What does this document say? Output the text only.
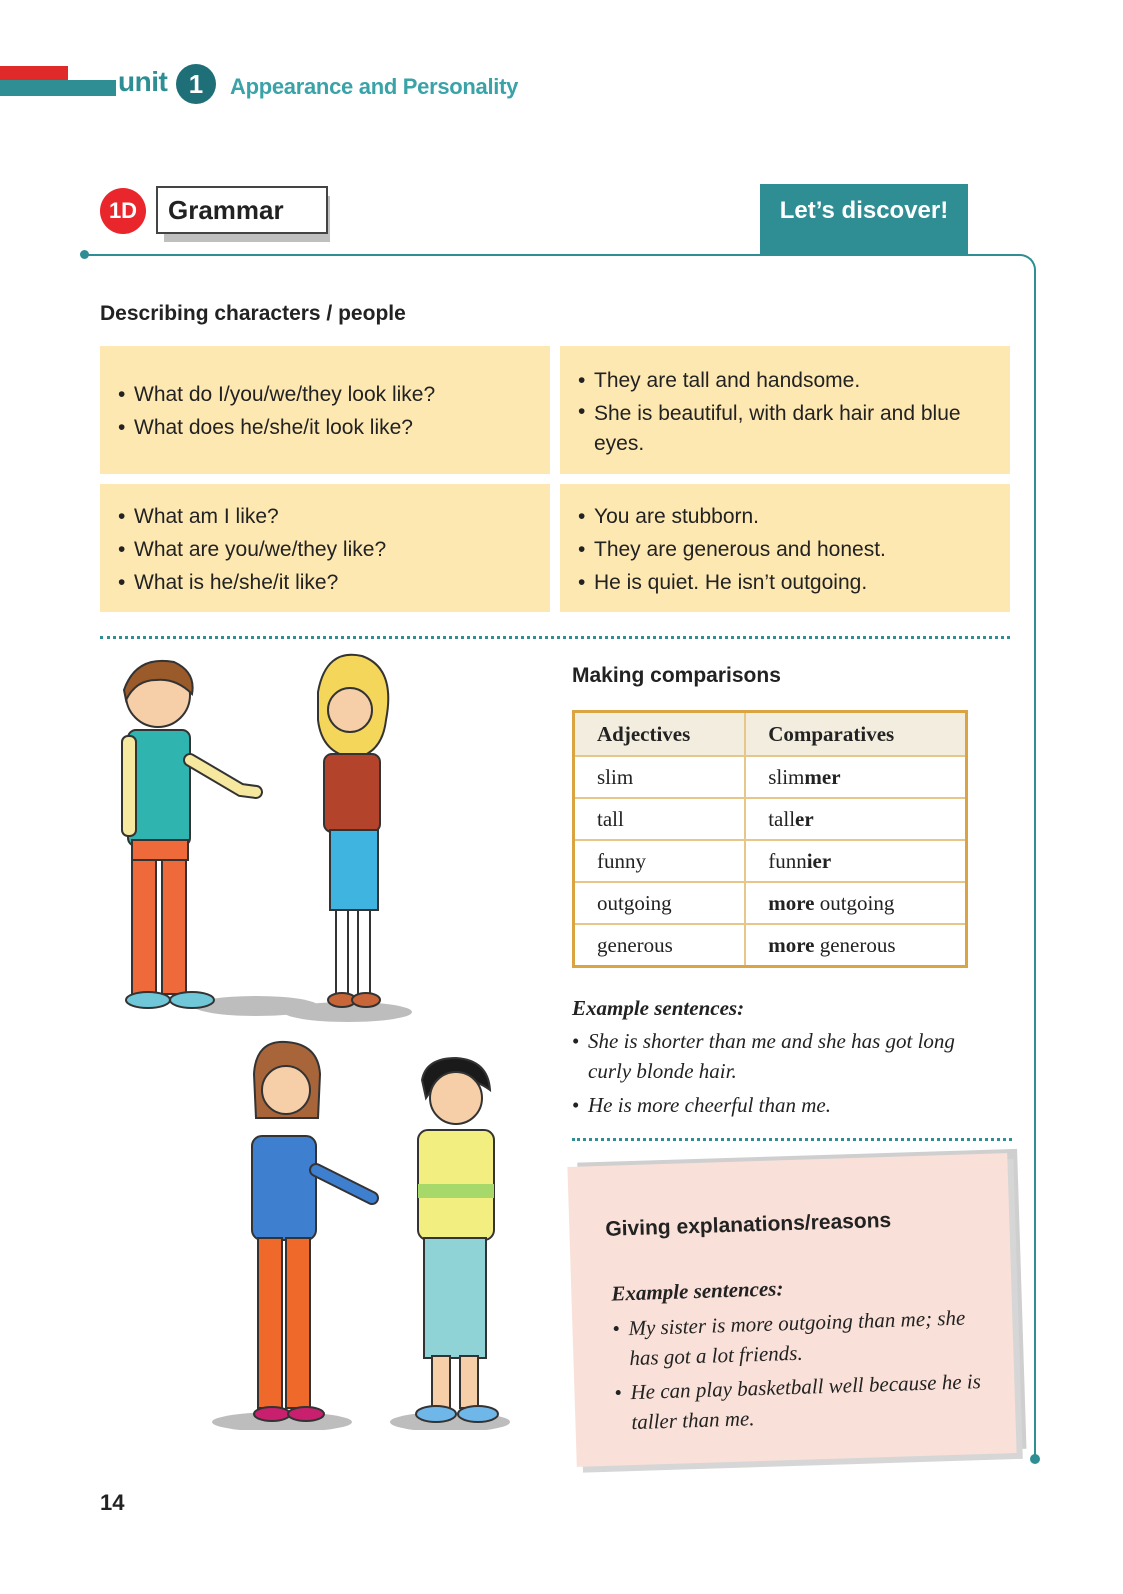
unit 1	Appearance and Personality
1D	Grammar	Let’s discover!
Describing characters / people
• What do I/you/we/they look like?
• What does he/she/it look like?
• They are tall and handsome.
• She is beautiful, with dark hair and blue eyes.
• What am I like?
• What are you/we/they like?
• What is he/she/it like?
• You are stubborn.
• They are generous and honest.
• He is quiet. He isn’t outgoing.
Making comparisons
Adjectives	Comparatives
slim	slimmer
tall	taller
funny	funnier
outgoing	more outgoing
generous	more generous
Example sentences:
• She is shorter than me and she has got long curly blonde hair.
• He is more cheerful than me.
Giving explanations/reasons
Example sentences:
• My sister is more outgoing than me; she has got a lot friends.
• He can play basketball well because he is taller than me.
14
